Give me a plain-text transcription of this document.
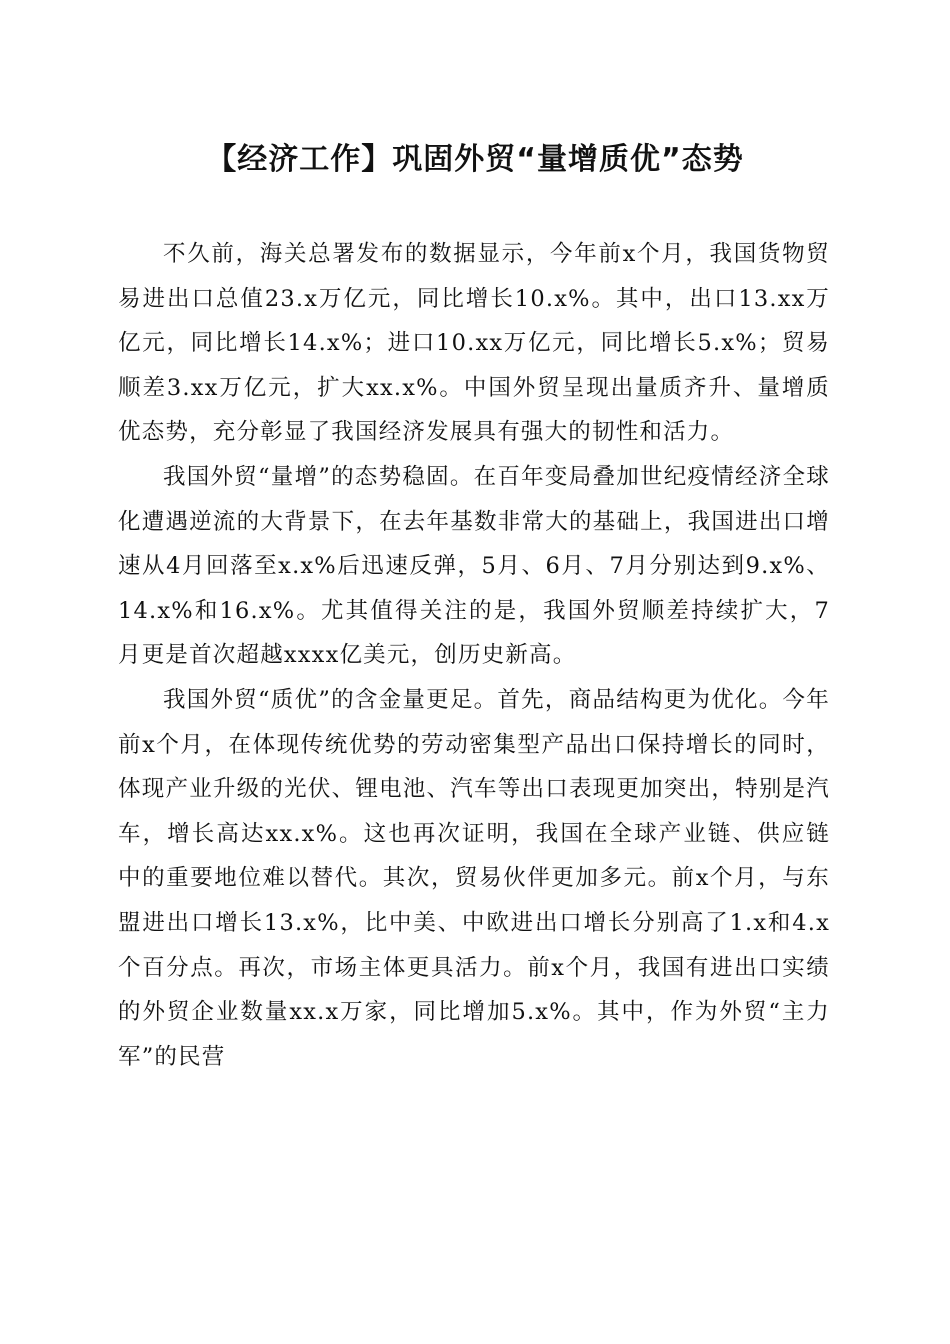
【经济工作】巩固外贸“量增质优”态势

不久前，海关总署发布的数据显示，今年前x个月，我国货物贸易进出口总值23.x万亿元，同比增长10.x%。其中，出口13.xx万亿元，同比增长14.x%；进口10.xx万亿元，同比增长5.x%；贸易顺差3.xx万亿元，扩大xx.x%。中国外贸呈现出量质齐升、量增质优态势，充分彰显了我国经济发展具有强大的韧性和活力。

我国外贸“量增”的态势稳固。在百年变局叠加世纪疫情经济全球化遭遇逆流的大背景下，在去年基数非常大的基础上，我国进出口增速从4月回落至x.x%后迅速反弹，5月、6月、7月分别达到9.x%、14.x%和16.x%。尤其值得关注的是，我国外贸顺差持续扩大，7月更是首次超越xxxx亿美元，创历史新高。

我国外贸“质优”的含金量更足。首先，商品结构更为优化。今年前x个月，在体现传统优势的劳动密集型产品出口保持增长的同时，体现产业升级的光伏、锂电池、汽车等出口表现更加突出，特别是汽车，增长高达xx.x%。这也再次证明，我国在全球产业链、供应链中的重要地位难以替代。其次，贸易伙伴更加多元。前x个月，与东盟进出口增长13.x%，比中美、中欧进出口增长分别高了1.x和4.x个百分点。再次，市场主体更具活力。前x个月，我国有进出口实绩的外贸企业数量xx.x万家，同比增加5.x%。其中，作为外贸“主力军”的民营
